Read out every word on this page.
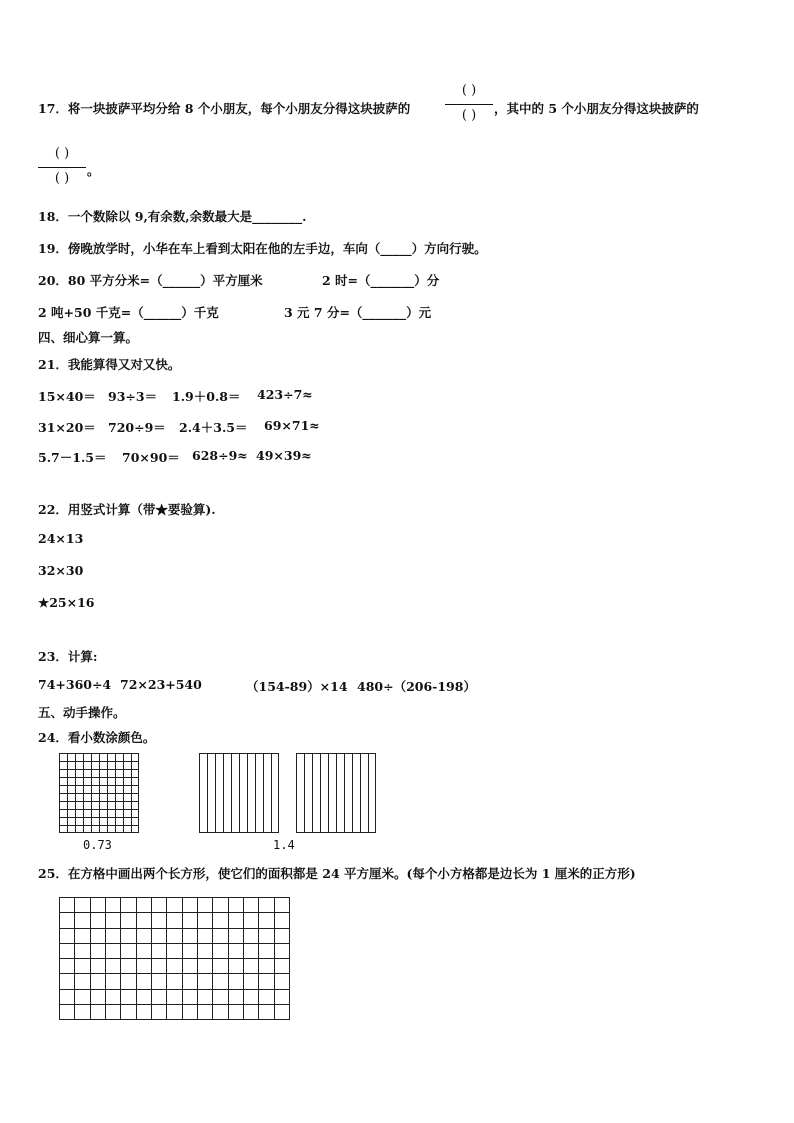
17．将一块披萨平均分给 8 个小朋友，每个小朋友分得这块披萨的
( )
( )	，其中的 5 个小朋友分得这块披萨的
( )
( )
。
18．一个数除以 9,有余数,余数最大是________.
19．傍晚放学时，小华在车上看到太阳在他的左手边，车向（_____）方向行驶。
20．80 平方分米=（______）平方厘米	2 时=（_______）分
2 吨+50 千克=（______）千克	3 元 7 分=（_______）元
四、细心算一算。
21．我能算得又对又快。
15×40＝ 93÷3＝ 1.9＋0.8＝ 423÷7≈
31×20＝ 720÷9＝ 2.4＋3.5＝ 69×71≈
5.7－1.5＝ 70×90＝ 628÷9≈ 49×39≈
22．用竖式计算（带★要验算).
24×13
32×30
★25×16
23．计算:
74+360÷4 72×23+540	（154-89）×14 480÷（206-198）
五、动手操作。
24．看小数涂颜色。
0.73	1.4
25．在方格中画出两个长方形，使它们的面积都是 24 平方厘米。(每个小方格都是边长为 1 厘米的正方形)
